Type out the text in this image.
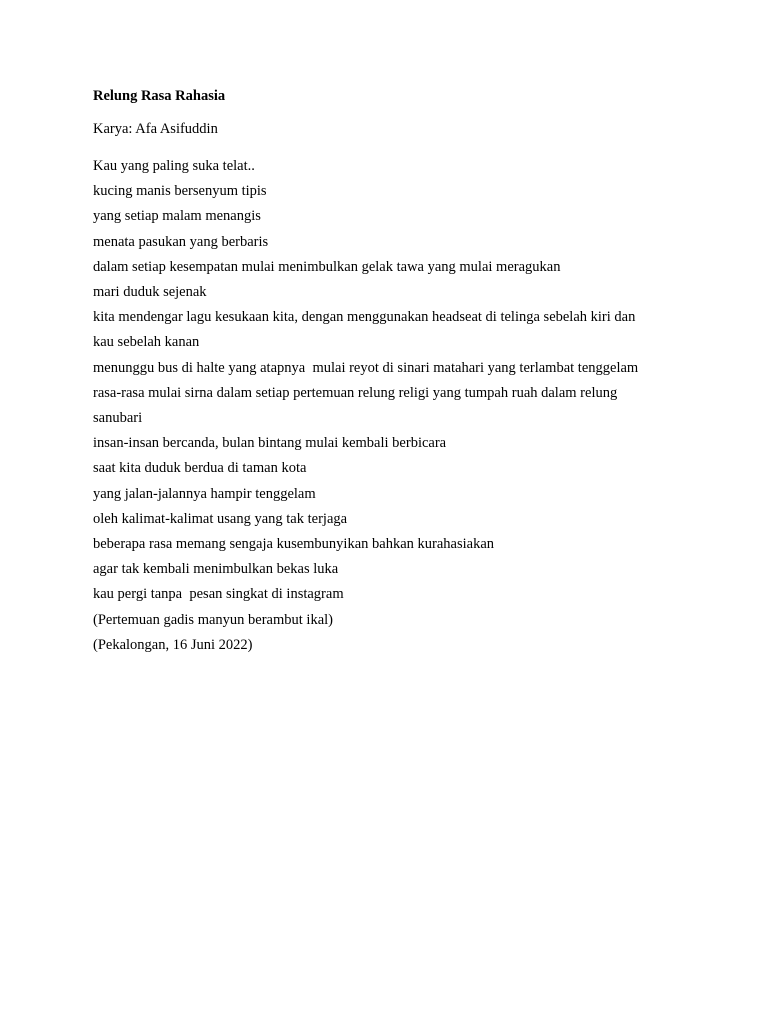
Relung Rasa Rahasia

Karya: Afa Asifuddin

Kau yang paling suka telat..
kucing manis bersenyum tipis
yang setiap malam menangis
menata pasukan yang berbaris
dalam setiap kesempatan mulai menimbulkan gelak tawa yang mulai meragukan
mari duduk sejenak
kita mendengar lagu kesukaan kita, dengan menggunakan headseat di telinga sebelah kiri dan
kau sebelah kanan
menunggu bus di halte yang atapnya  mulai reyot di sinari matahari yang terlambat tenggelam
rasa-rasa mulai sirna dalam setiap pertemuan relung religi yang tumpah ruah dalam relung
sanubari
insan-insan bercanda, bulan bintang mulai kembali berbicara
saat kita duduk berdua di taman kota
yang jalan-jalannya hampir tenggelam
oleh kalimat-kalimat usang yang tak terjaga
beberapa rasa memang sengaja kusembunyikan bahkan kurahasiakan
agar tak kembali menimbulkan bekas luka
kau pergi tanpa  pesan singkat di instagram
(Pertemuan gadis manyun berambut ikal)
(Pekalongan, 16 Juni 2022)
